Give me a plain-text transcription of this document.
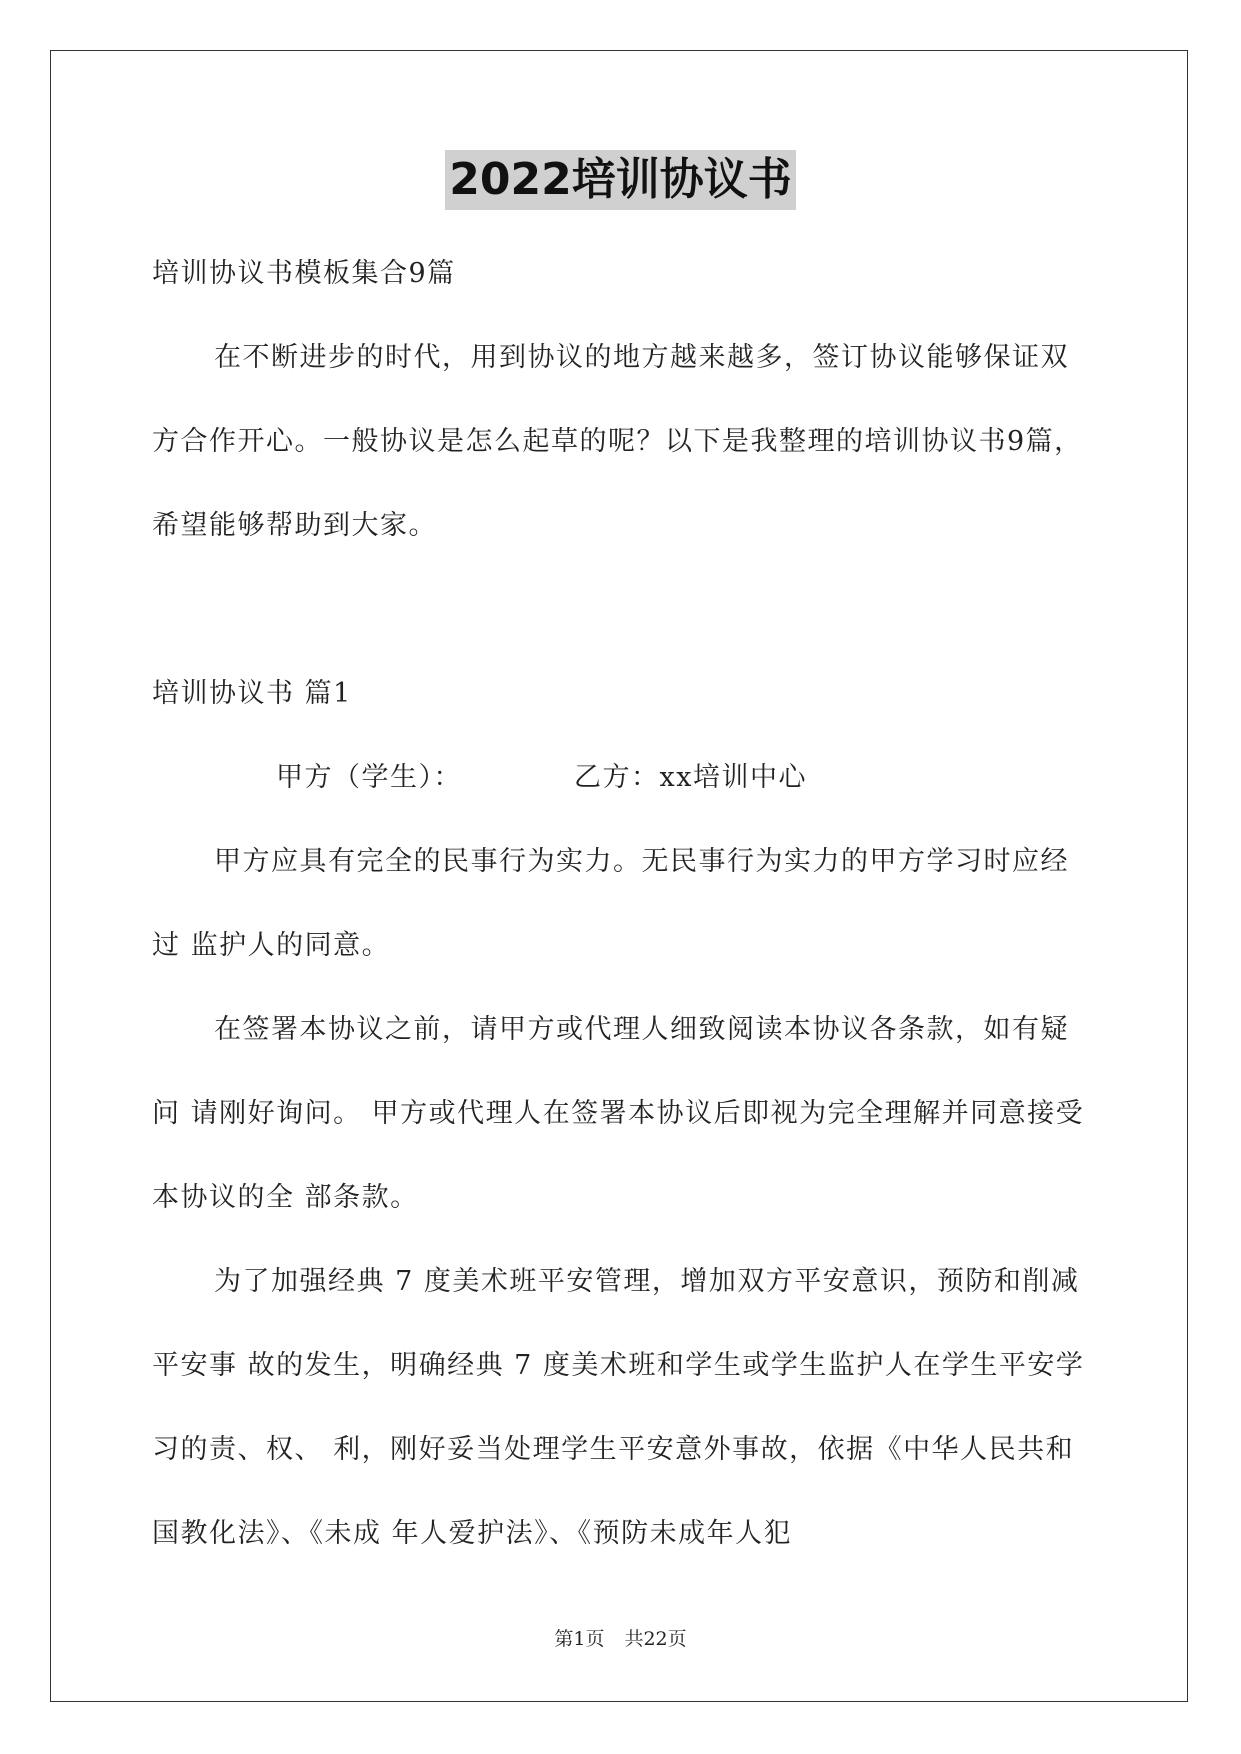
2022培训协议书

培训协议书模板集合9篇

在不断进步的时代，用到协议的地方越来越多，签订协议能够保证双方合作开心。一般协议是怎么起草的呢？以下是我整理的培训协议书9篇，希望能够帮助到大家。

培训协议书 篇1

甲方（学生）：	乙方：xx培训中心

甲方应具有完全的民事行为实力。无民事行为实力的甲方学习时应经过 监护人的同意。

在签署本协议之前，请甲方或代理人细致阅读本协议各条款，如有疑问 请刚好询问。 甲方或代理人在签署本协议后即视为完全理解并同意接受本协议的全 部条款。

为了加强经典 7 度美术班平安管理，增加双方平安意识，预防和削减平安事 故的发生，明确经典 7 度美术班和学生或学生监护人在学生平安学习的责、权、 利，刚好妥当处理学生平安意外事故，依据《中华人民共和国教化法》、《未成 年人爱护法》、《预防未成年人犯

第1页 共22页
